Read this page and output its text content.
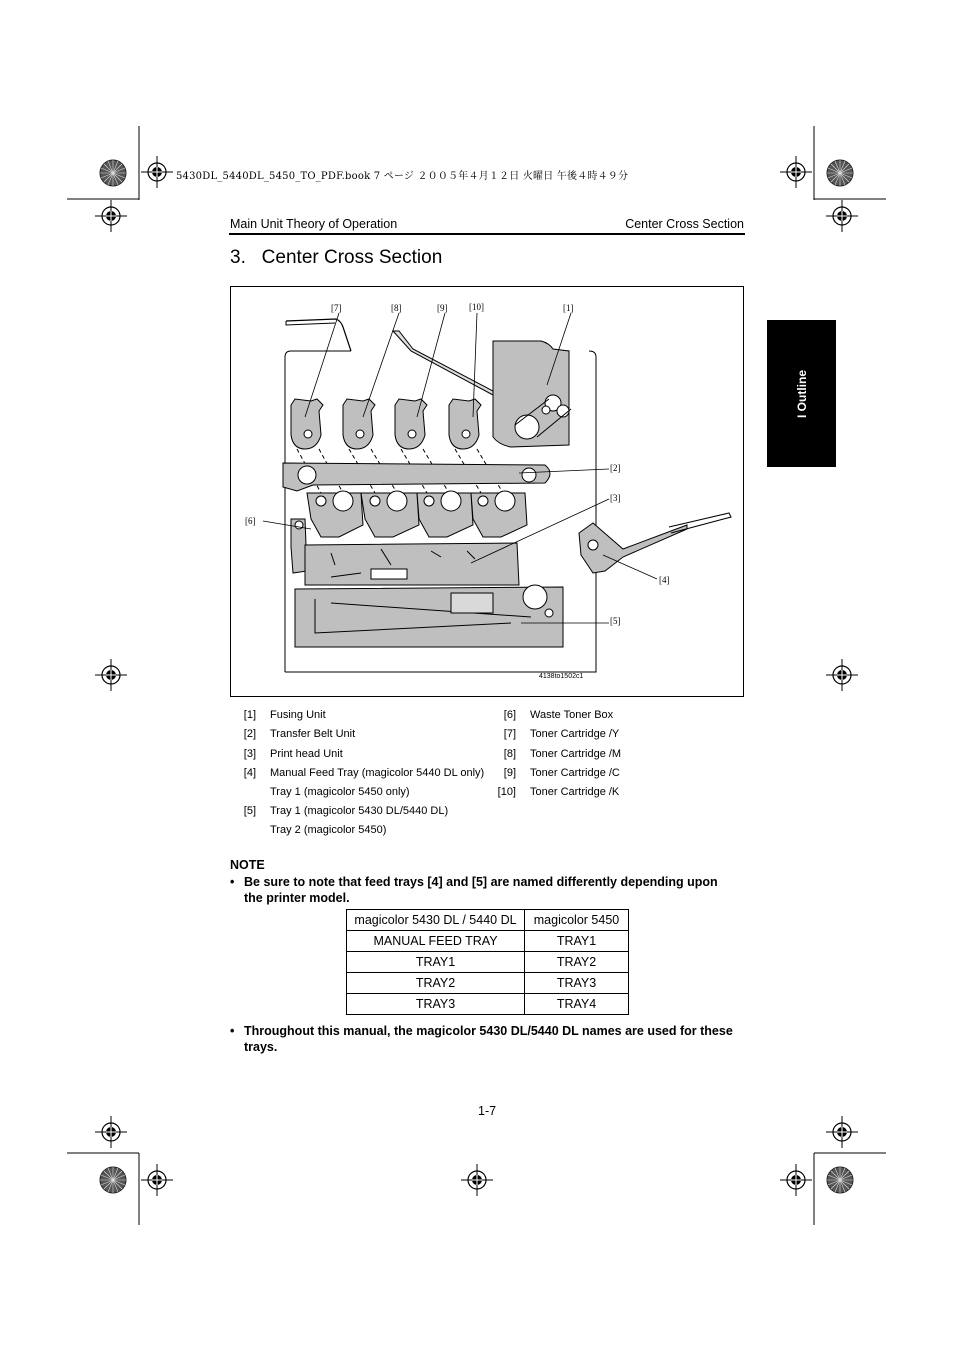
5430DL_5440DL_5450_TO_PDF.book 7 ページ ２００５年４月１２日 火曜日 午後４時４９分
Main Unit Theory of Operation	Center Cross Section
3.   Center Cross Section
I Outline
[7]	[8]	[9] [10]	[1]
[2]
[3]
[6]
[4]
[5]
4138to1502c1
[1] Fusing Unit
[2] Transfer Belt Unit
[3] Print head Unit
[4] Manual Feed Tray (magicolor 5440 DL only)
Tray 1 (magicolor 5450 only)
[5] Tray 1 (magicolor 5430 DL/5440 DL)
Tray 2 (magicolor 5450)
[6] Waste Toner Box
[7] Toner Cartridge /Y
[8] Toner Cartridge /M
[9] Toner Cartridge /C
[10] Toner Cartridge /K
NOTE
• Be sure to note that feed trays [4] and [5] are named differently depending upon
the printer model.
magicolor 5430 DL / 5440 DL	magicolor 5450
MANUAL FEED TRAY	TRAY1
TRAY1	TRAY2
TRAY2	TRAY3
TRAY3	TRAY4
• Throughout this manual, the magicolor 5430 DL/5440 DL names are used for these
trays.
1-7
